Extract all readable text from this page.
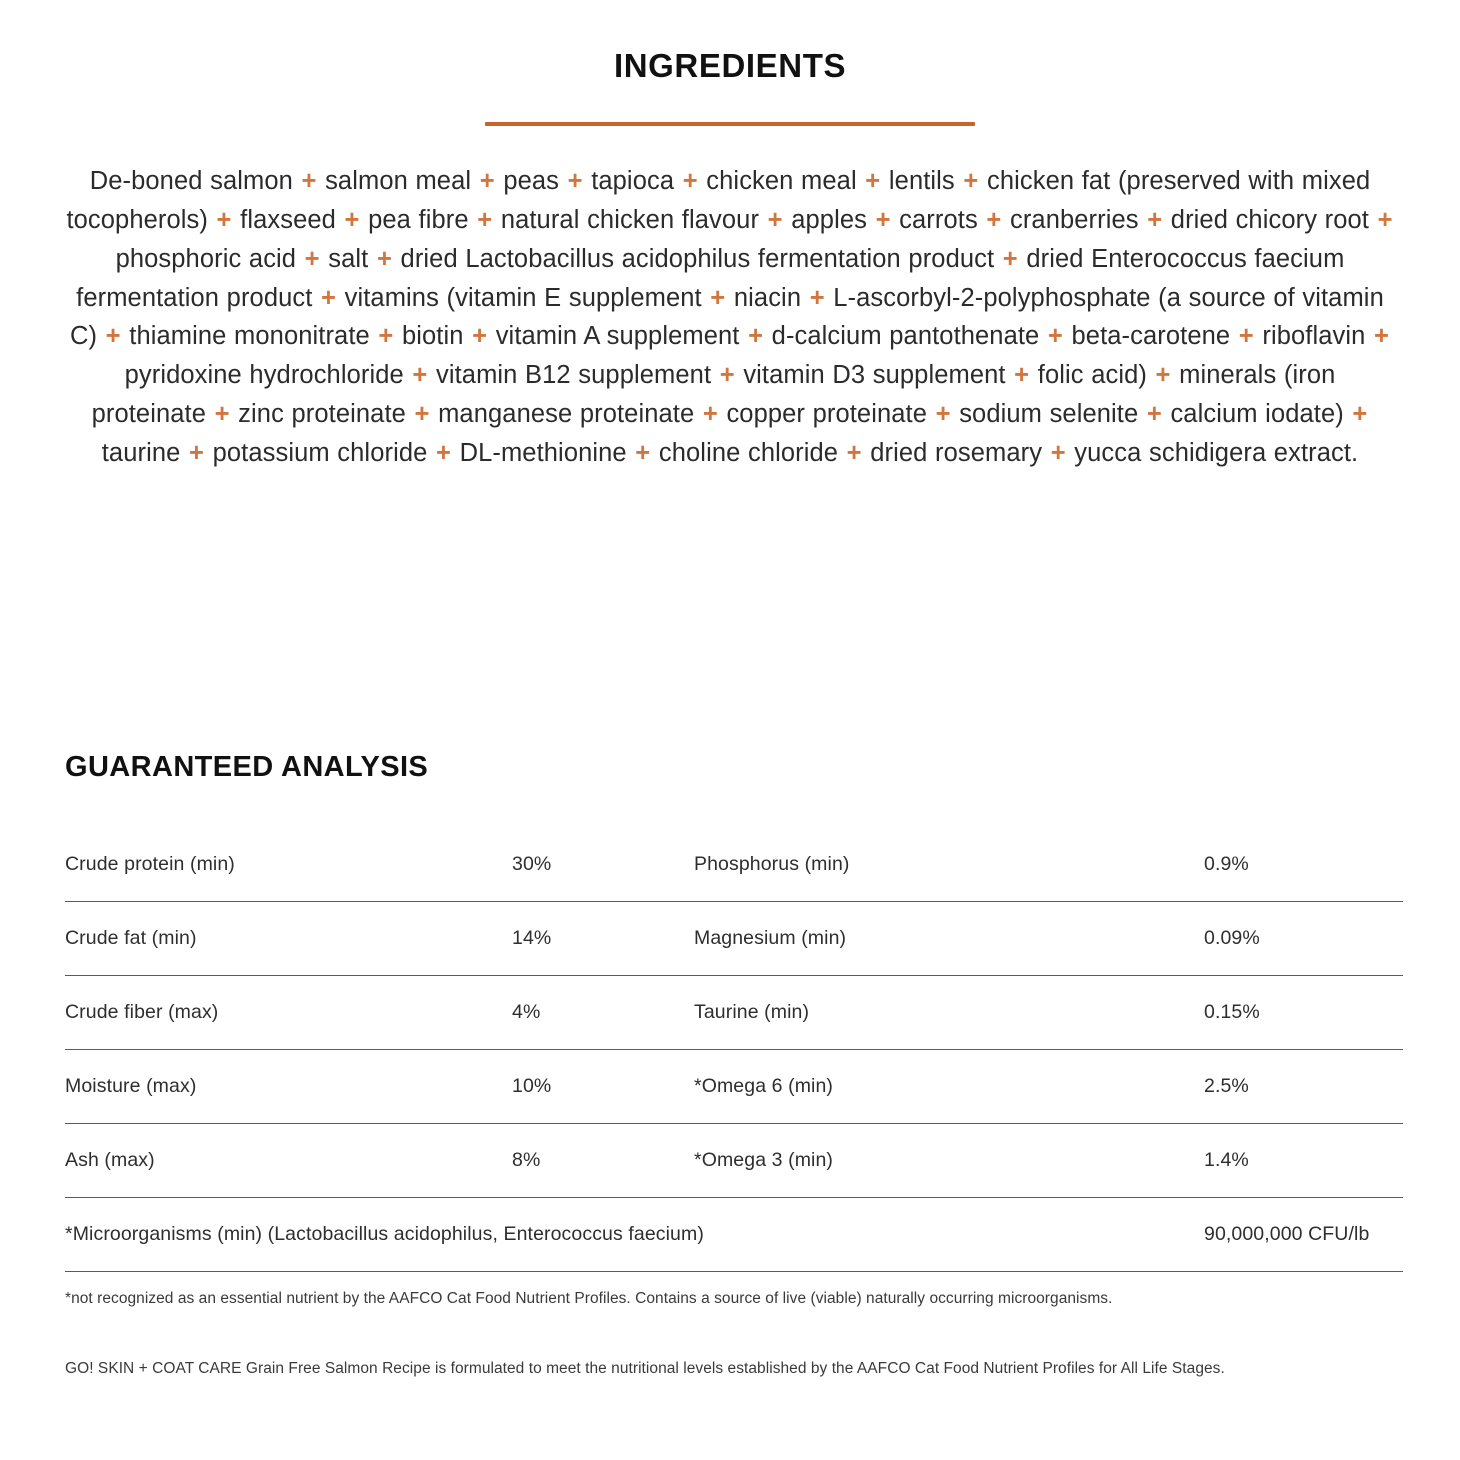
INGREDIENTS

De-boned salmon + salmon meal + peas + tapioca + chicken meal + lentils + chicken fat (preserved with mixed tocopherols) + flaxseed + pea fibre + natural chicken flavour + apples + carrots + cranberries + dried chicory root + phosphoric acid + salt + dried Lactobacillus acidophilus fermentation product + dried Enterococcus faecium fermentation product + vitamins (vitamin E supplement + niacin + L-ascorbyl-2-polyphosphate (a source of vitamin C) + thiamine mononitrate + biotin + vitamin A supplement + d-calcium pantothenate + beta-carotene + riboflavin + pyridoxine hydrochloride + vitamin B12 supplement + vitamin D3 supplement + folic acid) + minerals (iron proteinate + zinc proteinate + manganese proteinate + copper proteinate + sodium selenite + calcium iodate) + taurine + potassium chloride + DL-methionine + choline chloride + dried rosemary + yucca schidigera extract.

GUARANTEED ANALYSIS
Crude protein (min)	30%	Phosphorus (min)	0.9%
Crude fat (min)	14%	Magnesium (min)	0.09%
Crude fiber (max)	4%	Taurine (min)	0.15%
Moisture (max)	10%	*Omega 6 (min)	2.5%
Ash (max)	8%	*Omega 3 (min)	1.4%
*Microorganisms (min) (Lactobacillus acidophilus, Enterococcus faecium)			90,000,000 CFU/lb
*not recognized as an essential nutrient by the AAFCO Cat Food Nutrient Profiles. Contains a source of live (viable) naturally occurring microorganisms.
GO! SKIN + COAT CARE Grain Free Salmon Recipe is formulated to meet the nutritional levels established by the AAFCO Cat Food Nutrient Profiles for All Life Stages.
